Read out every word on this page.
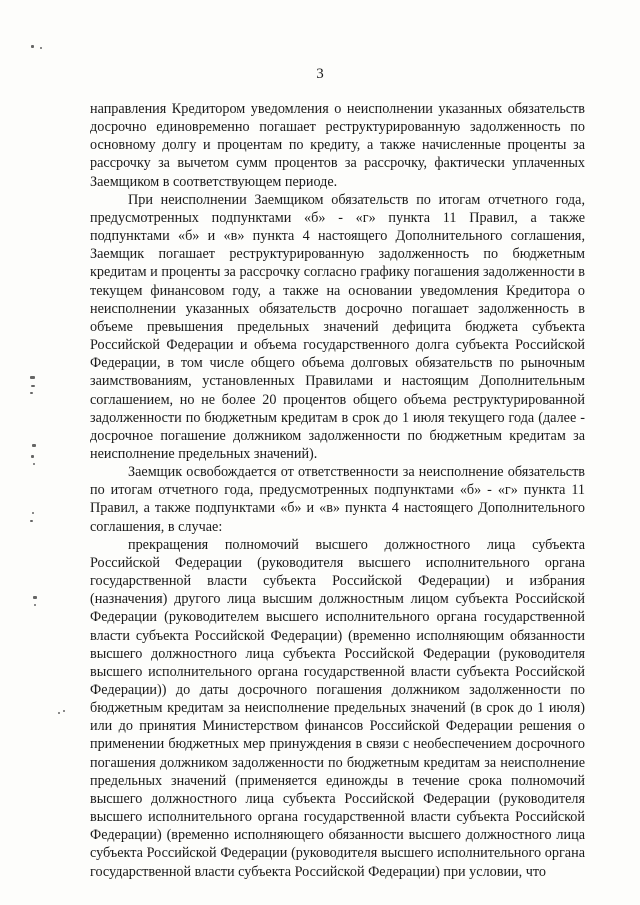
3

направления Кредитором уведомления о неисполнении указанных обязательств досрочно единовременно погашает реструктурированную задолженность по основному долгу и процентам по кредиту, а также начисленные проценты за рассрочку за вычетом сумм процентов за рассрочку, фактически уплаченных Заемщиком в соответствующем периоде.

При неисполнении Заемщиком обязательств по итогам отчетного года, предусмотренных подпунктами «б» - «г» пункта 11 Правил, а также подпунктами «б» и «в» пункта 4 настоящего Дополнительного соглашения, Заемщик погашает реструктурированную задолженность по бюджетным кредитам и проценты за рассрочку согласно графику погашения задолженности в текущем финансовом году, а также на основании уведомления Кредитора о неисполнении указанных обязательств досрочно погашает задолженность в объеме превышения предельных значений дефицита бюджета субъекта Российской Федерации и объема государственного долга субъекта Российской Федерации, в том числе общего объема долговых обязательств по рыночным заимствованиям, установленных Правилами и настоящим Дополнительным соглашением, но не более 20 процентов общего объема реструктурированной задолженности по бюджетным кредитам в срок до 1 июля текущего года (далее - досрочное погашение должником задолженности по бюджетным кредитам за неисполнение предельных значений).

Заемщик освобождается от ответственности за неисполнение обязательств по итогам отчетного года, предусмотренных подпунктами «б» - «г» пункта 11 Правил, а также подпунктами «б» и «в» пункта 4 настоящего Дополнительного соглашения, в случае:

прекращения полномочий высшего должностного лица субъекта Российской Федерации (руководителя высшего исполнительного органа государственной власти субъекта Российской Федерации) и избрания (назначения) другого лица высшим должностным лицом субъекта Российской Федерации (руководителем высшего исполнительного органа государственной власти субъекта Российской Федерации) (временно исполняющим обязанности высшего должностного лица субъекта Российской Федерации (руководителя высшего исполнительного органа государственной власти субъекта Российской Федерации)) до даты досрочного погашения должником задолженности по бюджетным кредитам за неисполнение предельных значений (в срок до 1 июля) или до принятия Министерством финансов Российской Федерации решения о применении бюджетных мер принуждения в связи с необеспечением досрочного погашения должником задолженности по бюджетным кредитам за неисполнение предельных значений (применяется единожды в течение срока полномочий высшего должностного лица субъекта Российской Федерации (руководителя высшего исполнительного органа государственной власти субъекта Российской Федерации) (временно исполняющего обязанности высшего должностного лица субъекта Российской Федерации (руководителя высшего исполнительного органа государственной власти субъекта Российской Федерации) при условии, что
